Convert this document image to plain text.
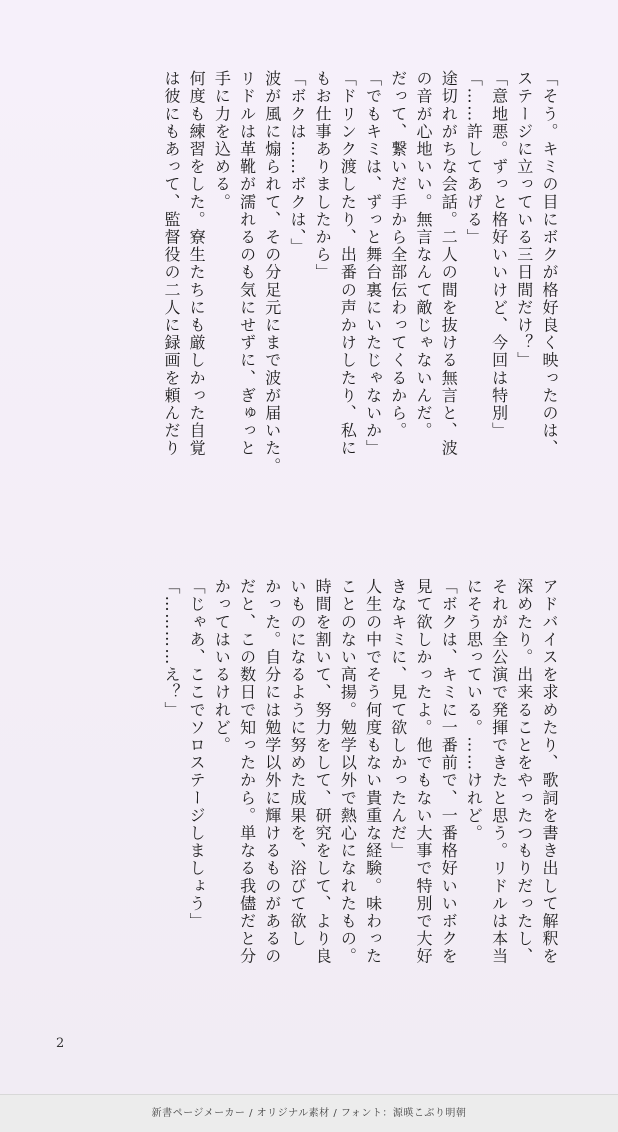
「そう。キミの目にボクが格好良く映ったのは、
ステージに立っている三日間だけ？」
「意地悪。ずっと格好いいけど、今回は特別」
「……許してあげる」
途切れがちな会話。二人の間を抜ける無言と、波
の音が心地いい。無言なんて敵じゃないんだ。
だって、繋いだ手から全部伝わってくるから。
「でもキミは、ずっと舞台裏にいたじゃないか」
「ドリンク渡したり、出番の声かけしたり、私に
もお仕事ありましたから」
「ボクは……ボクは、」
波が風に煽られて、その分足元にまで波が届いた。
リドルは革靴が濡れるのも気にせずに、ぎゅっと
手に力を込める。
何度も練習をした。寮生たちにも厳しかった自覚
は彼にもあって、監督役の二人に録画を頼んだり
アドバイスを求めたり、歌詞を書き出して解釈を
深めたり。出来ることをやったつもりだったし、
それが全公演で発揮できたと思う。リドルは本当
にそう思っている。……けれど。
「ボクは、キミに一番前で、一番格好いいボクを
見て欲しかったよ。他でもない大事で特別で大好
きなキミに、見て欲しかったんだ」
人生の中でそう何度もない貴重な経験。味わった
ことのない高揚。勉学以外で熱心になれたもの。
時間を割いて、努力をして、研究をして、より良
いものになるように努めた成果を、浴びて欲し
かった。自分には勉学以外に輝けるものがあるの
だと、この数日で知ったから。単なる我儘だと分
かってはいるけれど。
「じゃあ、ここでソロステージしましょう」
「…………え？」
2
新書ページメーカー / オリジナル素材 / フォント：源暎こぶり明朝
